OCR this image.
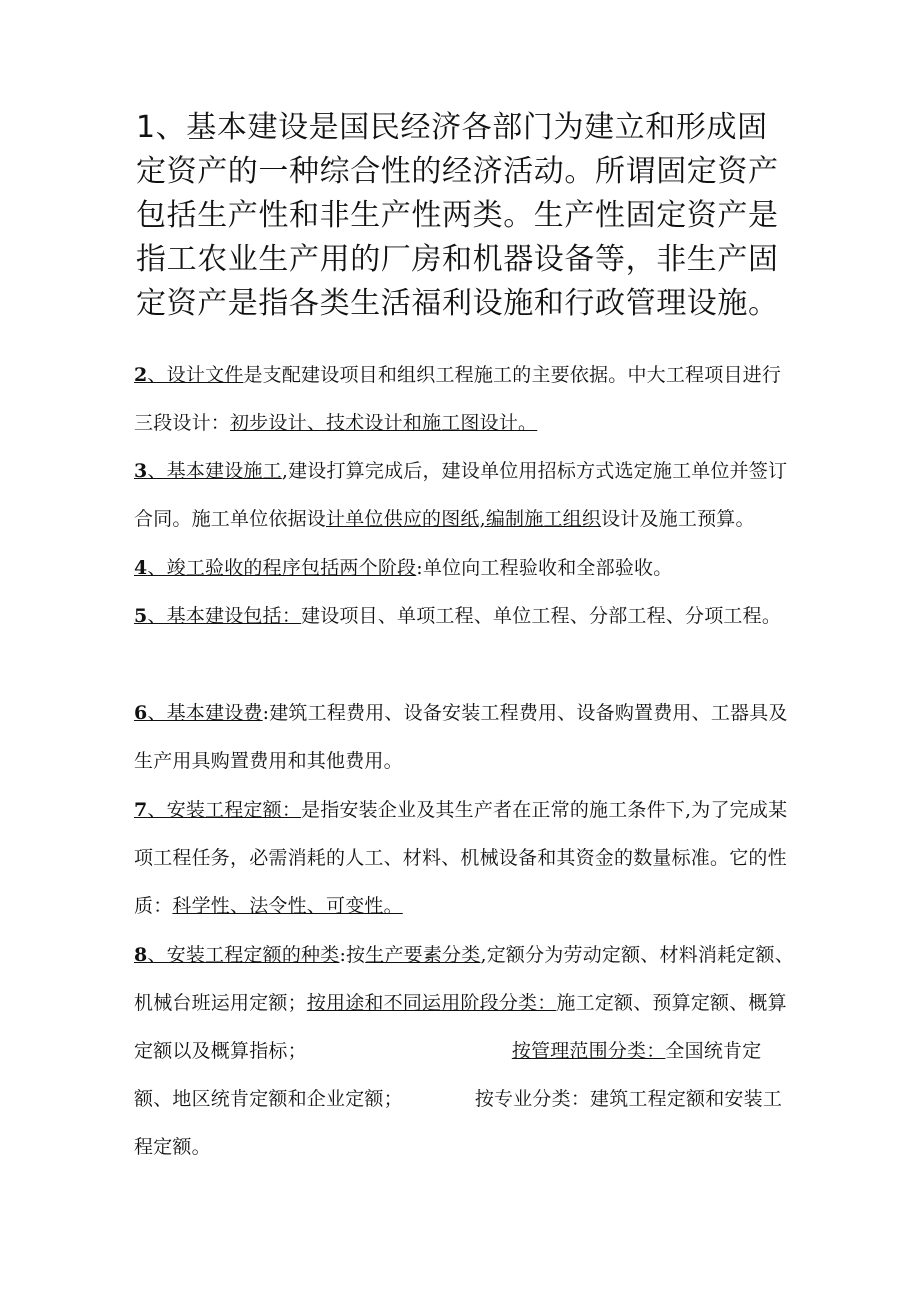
1、基本建设是国民经济各部门为建立和形成固定资产的一种综合性的经济活动。所谓固定资产包括生产性和非生产性两类。生产性固定资产是指工农业生产用的厂房和机器设备等，非生产固定资产是指各类生活福利设施和行政管理设施。

2、设计文件是支配建设项目和组织工程施工的主要依据。中大工程项目进行三段设计：初步设计、技术设计和施工图设计。

3、基本建设施工,建设打算完成后，建设单位用招标方式选定施工单位并签订合同。施工单位依据设计单位供应的图纸,编制施工组织设计及施工预算。

4、竣工验收的程序包括两个阶段:单位向工程验收和全部验收。

5、基本建设包括：建设项目、单项工程、单位工程、分部工程、分项工程。

6、基本建设费:建筑工程费用、设备安装工程费用、设备购置费用、工器具及生产用具购置费用和其他费用。

7、安装工程定额：是指安装企业及其生产者在正常的施工条件下,为了完成某项工程任务，必需消耗的人工、材料、机械设备和其资金的数量标准。它的性质：科学性、法令性、可变性。

8、安装工程定额的种类:按生产要素分类,定额分为劳动定额、材料消耗定额、机械台班运用定额；按用途和不同运用阶段分类：施工定额、预算定额、概算定额以及概算指标；	按管理范围分类：全国统肯定额、地区统肯定额和企业定额；	按专业分类：建筑工程定额和安装工程定额。
